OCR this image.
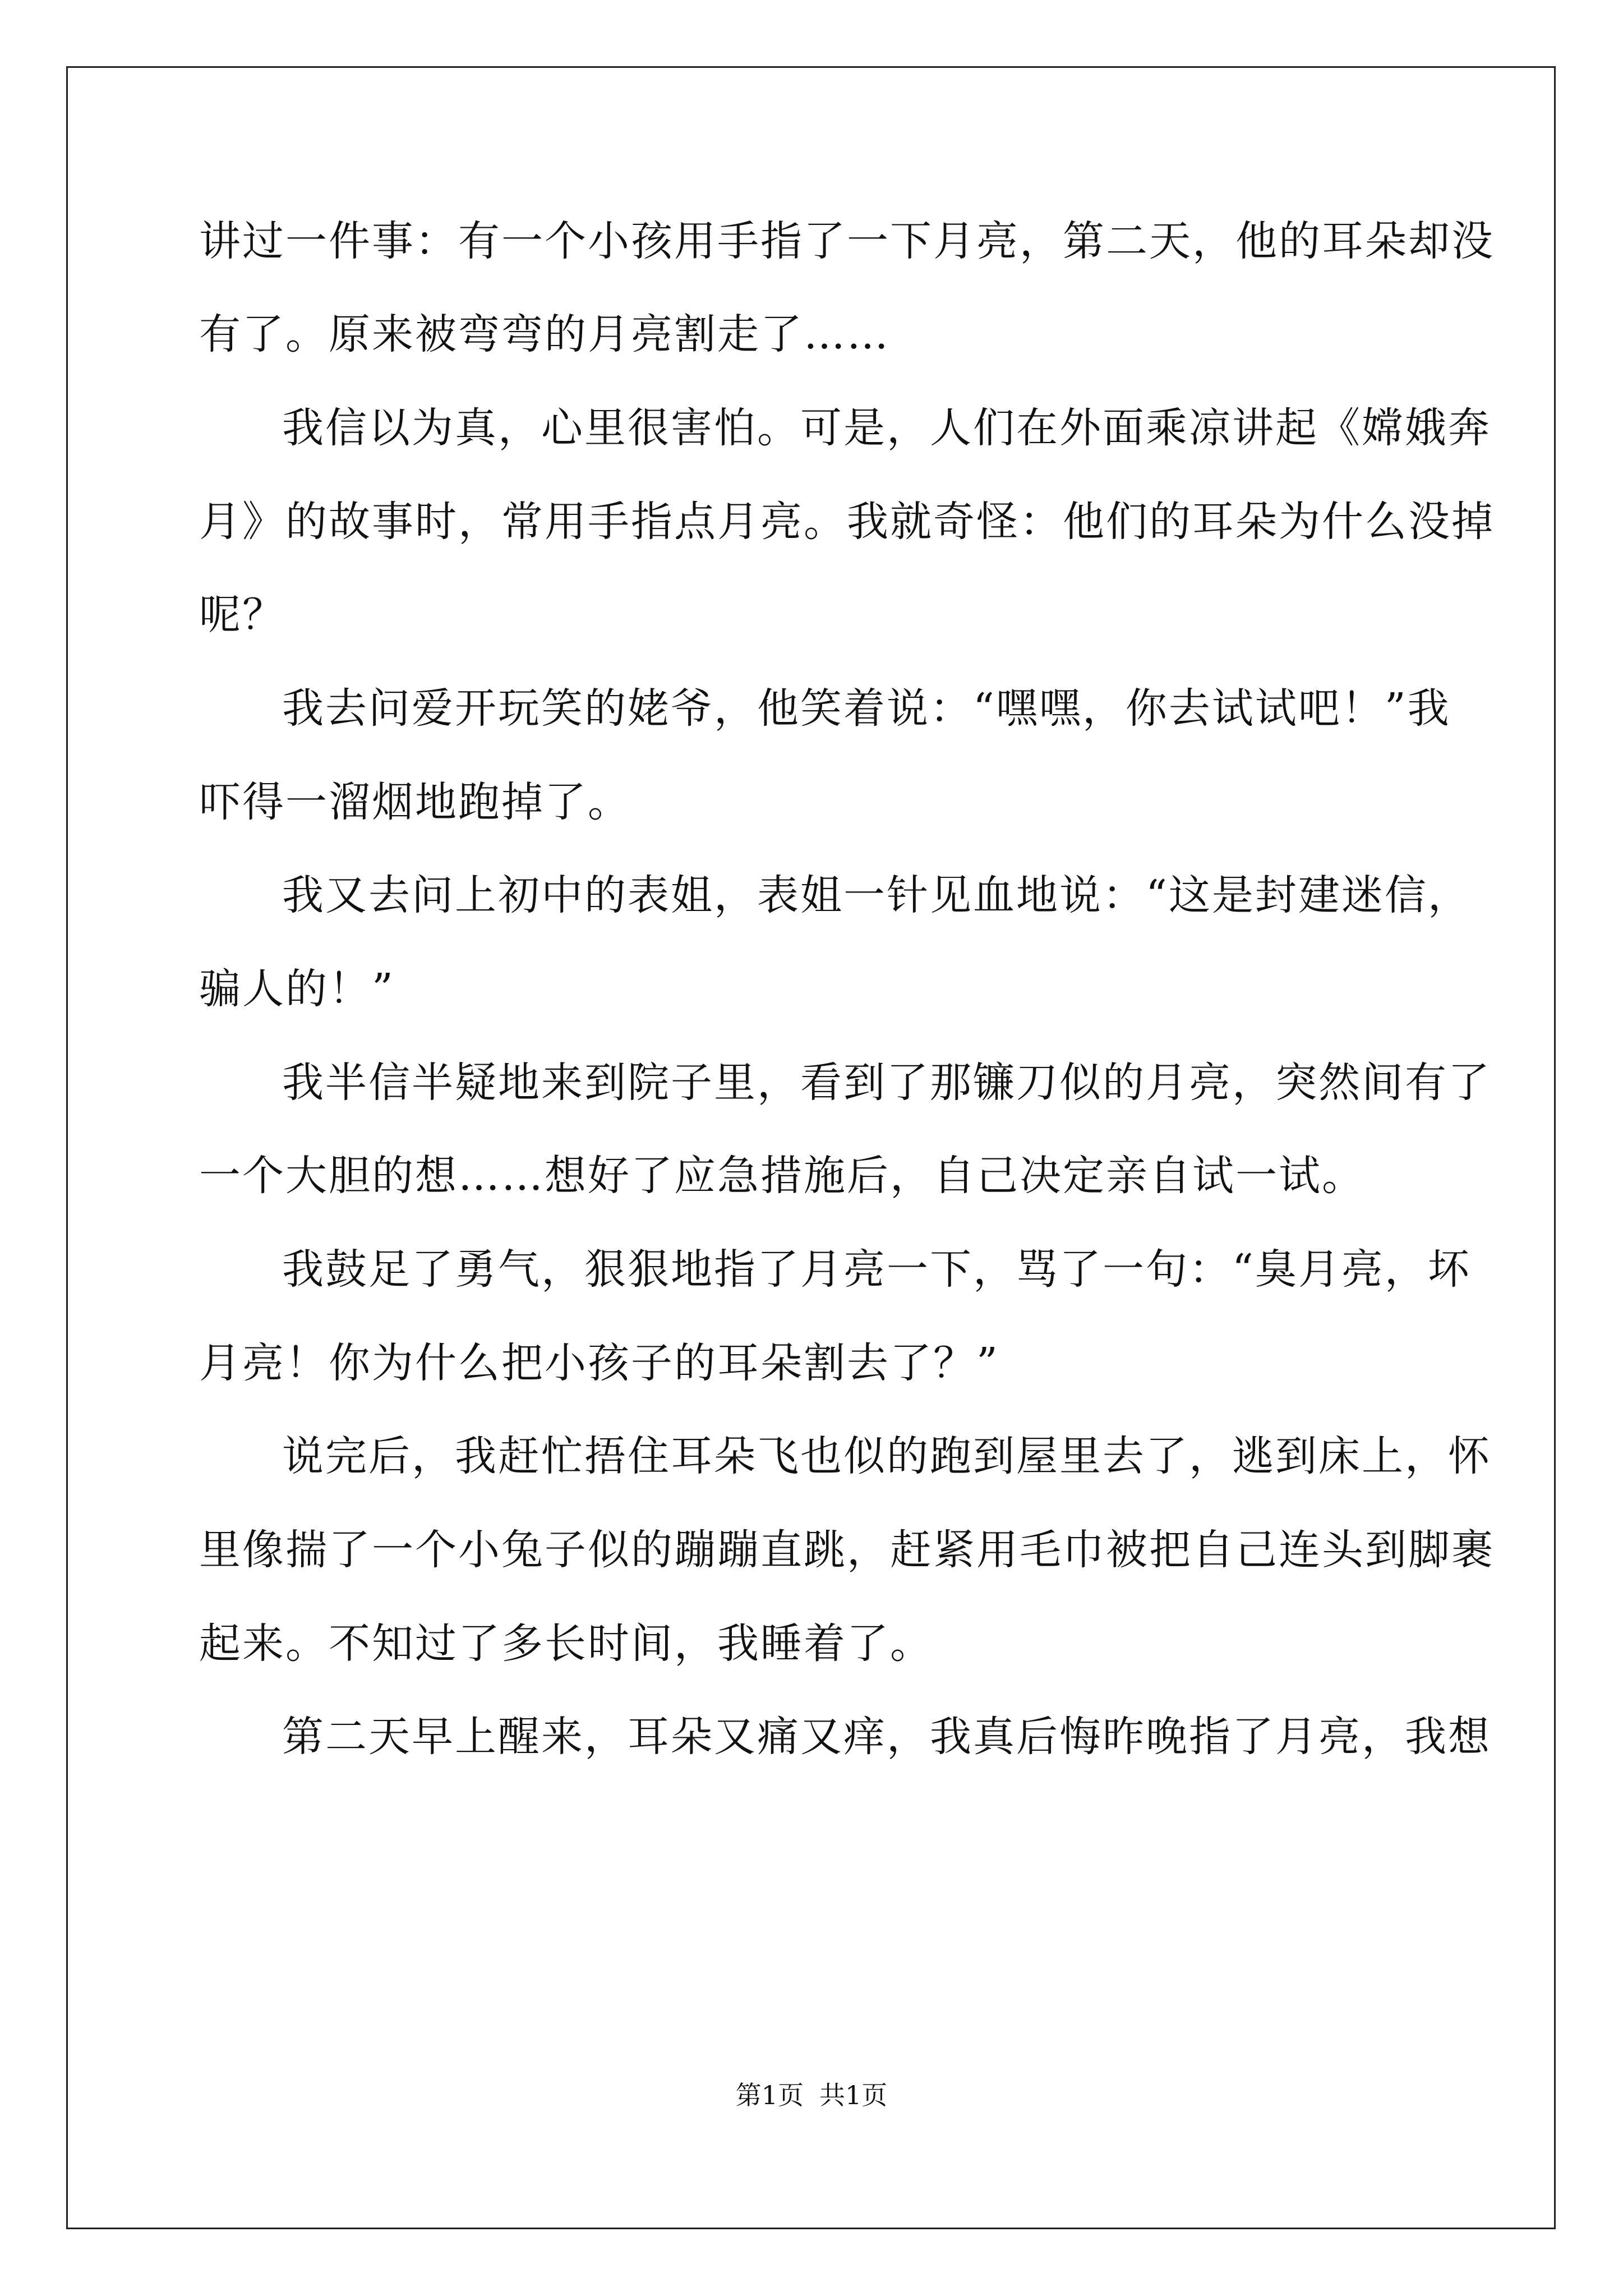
讲过一件事：有一个小孩用手指了一下月亮，第二天，他的耳朵却没
有了。原来被弯弯的月亮割走了……
我信以为真，心里很害怕。可是，人们在外面乘凉讲起《嫦娥奔
月》的故事时，常用手指点月亮。我就奇怪：他们的耳朵为什么没掉
呢？
我去问爱开玩笑的姥爷，他笑着说：“嘿嘿，你去试试吧！”我
吓得一溜烟地跑掉了。
我又去问上初中的表姐，表姐一针见血地说：“这是封建迷信，
骗人的！”
我半信半疑地来到院子里，看到了那镰刀似的月亮，突然间有了
一个大胆的想……想好了应急措施后，自己决定亲自试一试。
我鼓足了勇气，狠狠地指了月亮一下，骂了一句：“臭月亮，坏
月亮！你为什么把小孩子的耳朵割去了？”
说完后，我赶忙捂住耳朵飞也似的跑到屋里去了，逃到床上，怀
里像揣了一个小兔子似的蹦蹦直跳，赶紧用毛巾被把自己连头到脚裹
起来。不知过了多长时间，我睡着了。
第二天早上醒来，耳朵又痛又痒，我真后悔昨晚指了月亮，我想
第1页 共1页
